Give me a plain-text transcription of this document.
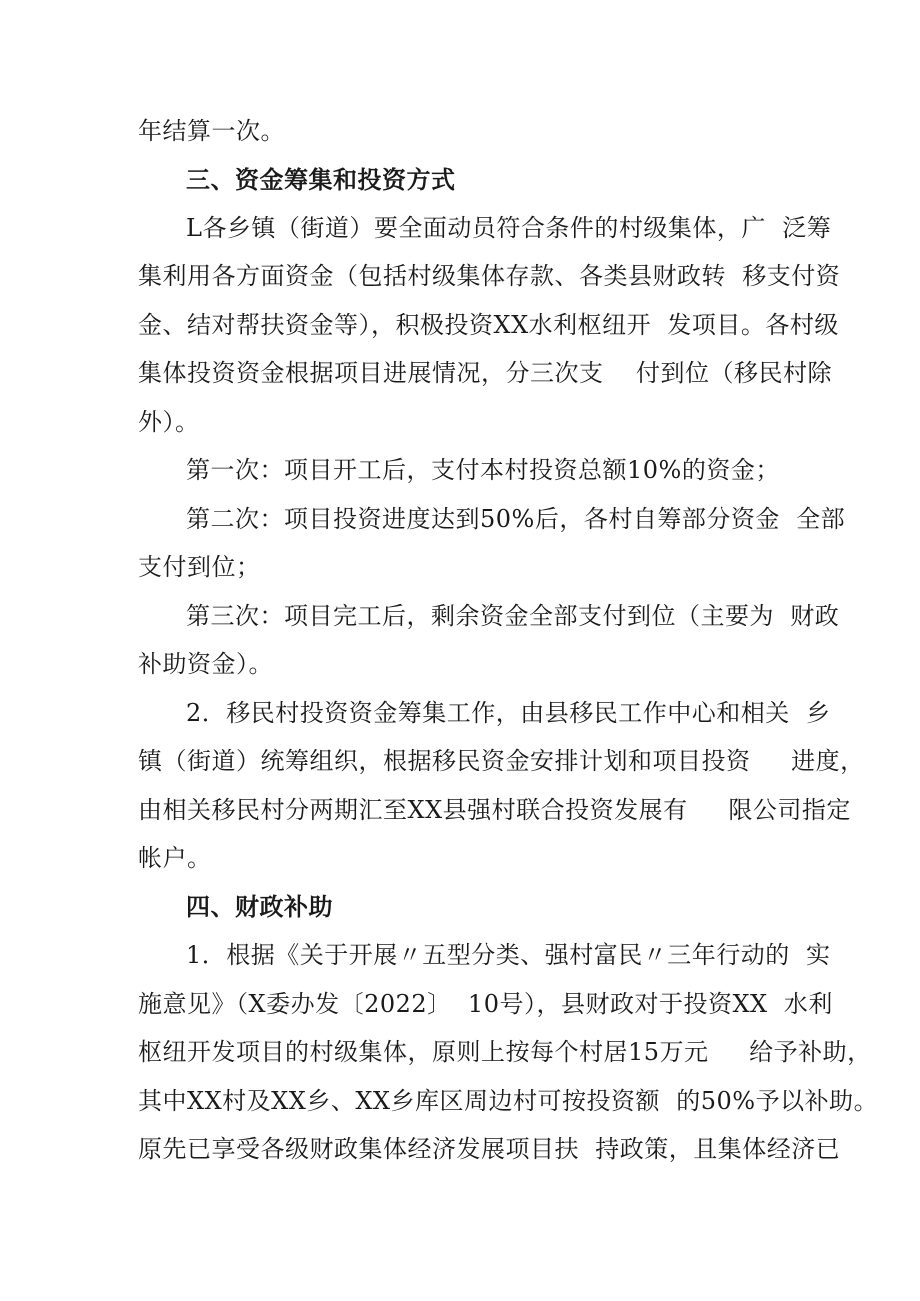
年结算一次。
三、资金筹集和投资方式
L各乡镇（街道）要全面动员符合条件的村级集体，广  泛筹
集利用各方面资金（包括村级集体存款、各类县财政转  移支付资
金、结对帮扶资金等），积极投资XX水利枢纽开  发项目。各村级
集体投资资金根据项目进展情况，分三次支    付到位（移民村除
外）。
第一次：项目开工后，支付本村投资总额10%的资金；
第二次：项目投资进度达到50%后，各村自筹部分资金  全部
支付到位；
第三次：项目完工后，剩余资金全部支付到位（主要为  财政
补助资金）。
2．移民村投资资金筹集工作，由县移民工作中心和相关  乡
镇（街道）统筹组织，根据移民资金安排计划和项目投资     进度，
由相关移民村分两期汇至XX县强村联合投资发展有     限公司指定
帐户。
四、财政补助
1．根据《关于开展〃五型分类、强村富民〃三年行动的  实
施意见》（X委办发〔2022〕  10号），县财政对于投资XX  水利
枢纽开发项目的村级集体，原则上按每个村居15万元     给予补助，
其中XX村及XX乡、XX乡库区周边村可按投资额  的50%予以补助。
原先已享受各级财政集体经济发展项目扶  持政策，且集体经济已
